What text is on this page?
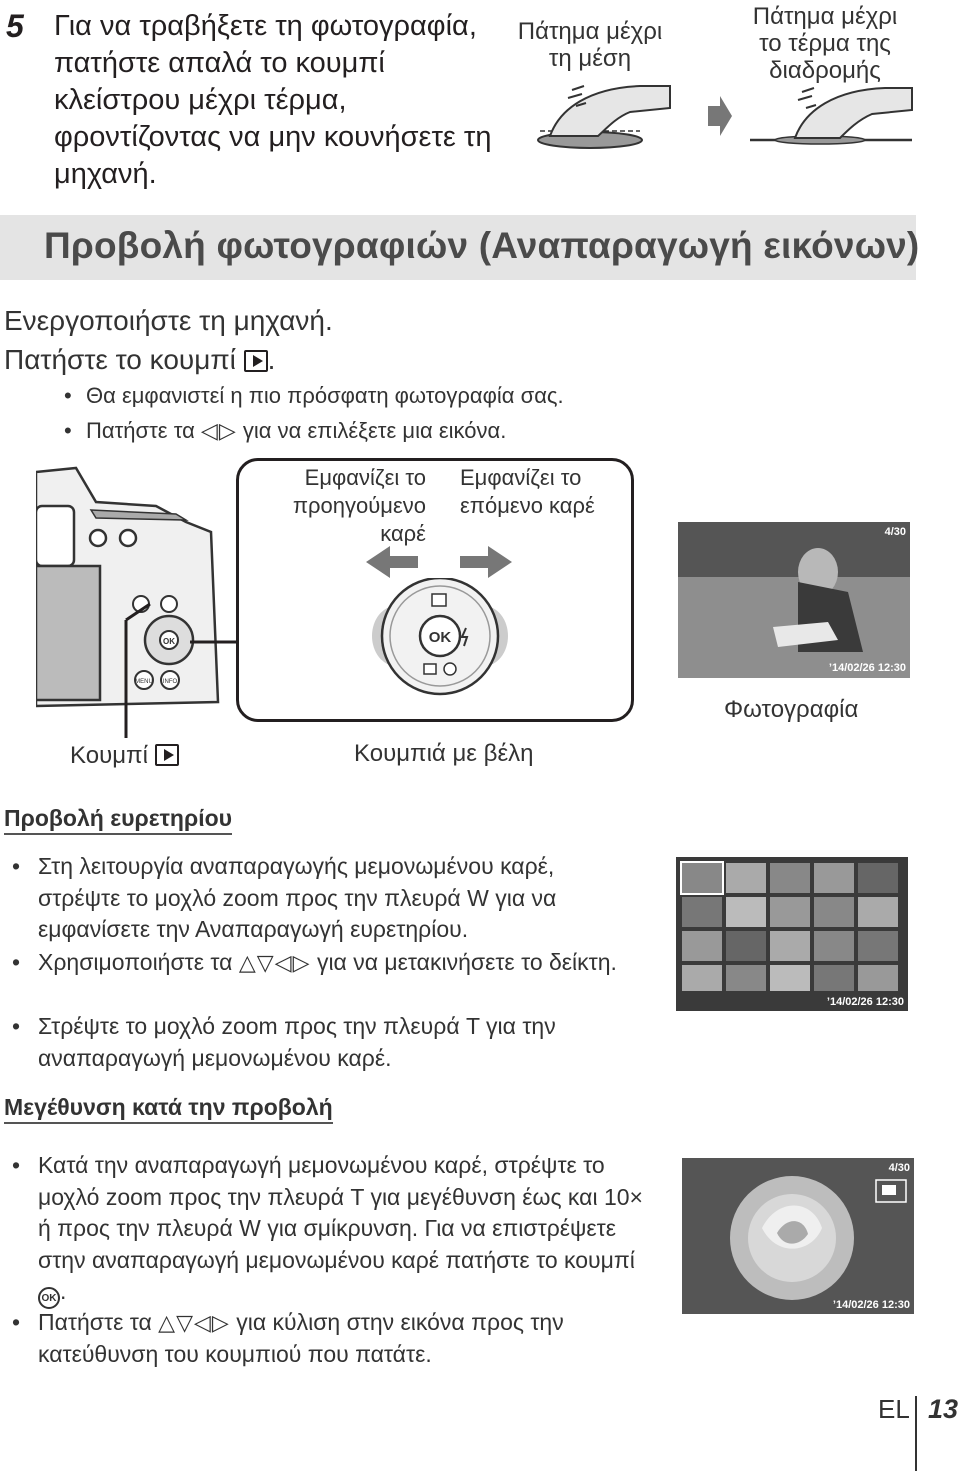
5 Για να τραβήξετε τη φωτογραφία, πατήστε απαλά το κουμπί κλείστρου μέχρι τέρμα, φροντίζοντας να μην κουνήσετε τη μηχανή.
Πάτημα μέχρι τη μέση
Πάτημα μέχρι το τέρμα της διαδρομής
Προβολή φωτογραφιών (Αναπαραγωγή εικόνων)
Ενεργοποιήστε τη μηχανή.
Πατήστε το κουμπί .
• Θα εμφανιστεί η πιο πρόσφατη φωτογραφία σας.
• Πατήστε τα ◁▷ για να επιλέξετε μια εικόνα.
OK
MENU INFO
Εμφανίζει το προηγούμενο καρέ
Εμφανίζει το επόμενο καρέ
OK
4/30
’14/02/26 12:30
Φωτογραφία
Κουμπί	Κουμπιά με βέλη
Προβολή ευρετηρίου
• Στη λειτουργία αναπαραγωγής μεμονωμένου καρέ, στρέψτε το μοχλό zoom προς την πλευρά W για να εμφανίσετε την Αναπαραγωγή ευρετηρίου.
• Χρησιμοποιήστε τα △▽◁▷ για να μετακινήσετε το δείκτη.
• Στρέψτε το μοχλό zoom προς την πλευρά T για την αναπαραγωγή μεμονωμένου καρέ.
’14/02/26 12:30
Μεγέθυνση κατά την προβολή
• Κατά την αναπαραγωγή μεμονωμένου καρέ, στρέψτε το μοχλό zoom προς την πλευρά T για μεγέθυνση έως και 10× ή προς την πλευρά W για σμίκρυνση. Για να επιστρέψετε στην αναπαραγωγή μεμονωμένου καρέ πατήστε το κουμπί OK .
• Πατήστε τα △▽◁▷ για κύλιση στην εικόνα προς την κατεύθυνση του κουμπιού που πατάτε.
4/30
’14/02/26 12:30
EL 13
